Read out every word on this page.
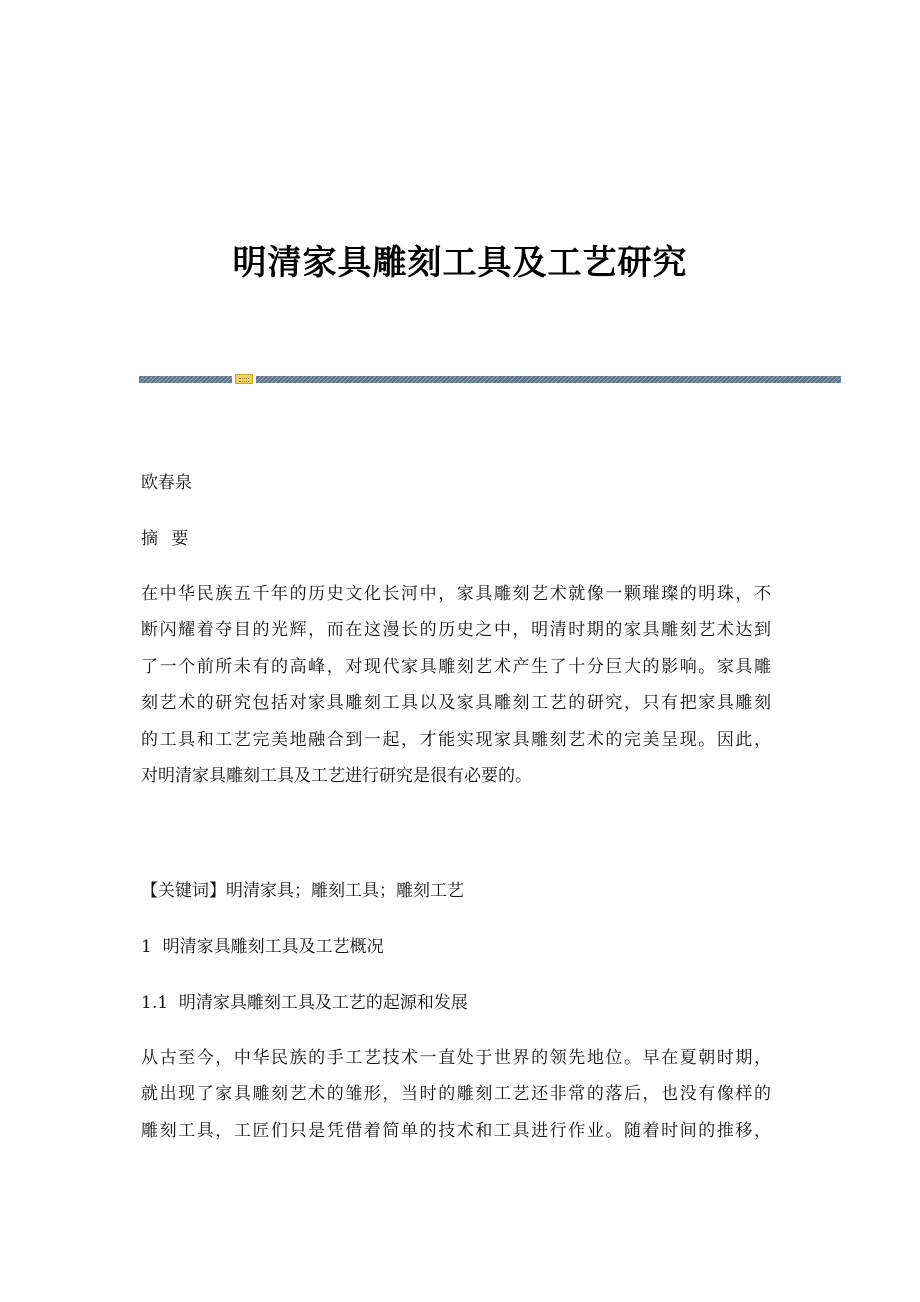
明清家具雕刻工具及工艺研究

欧春泉

摘 要

在中华民族五千年的历史文化长河中，家具雕刻艺术就像一颗璀璨的明珠，不
断闪耀着夺目的光辉，而在这漫长的历史之中，明清时期的家具雕刻艺术达到
了一个前所未有的高峰，对现代家具雕刻艺术产生了十分巨大的影响。家具雕
刻艺术的研究包括对家具雕刻工具以及家具雕刻工艺的研究，只有把家具雕刻
的工具和工艺完美地融合到一起，才能实现家具雕刻艺术的完美呈现。因此，
对明清家具雕刻工具及工艺进行研究是很有必要的。

【关键词】明清家具；雕刻工具；雕刻工艺

1  明清家具雕刻工具及工艺概况

1.1  明清家具雕刻工具及工艺的起源和发展

从古至今，中华民族的手工艺技术一直处于世界的领先地位。早在夏朝时期，
就出现了家具雕刻艺术的雏形，当时的雕刻工艺还非常的落后，也没有像样的
雕刻工具，工匠们只是凭借着简单的技术和工具进行作业。随着时间的推移，
